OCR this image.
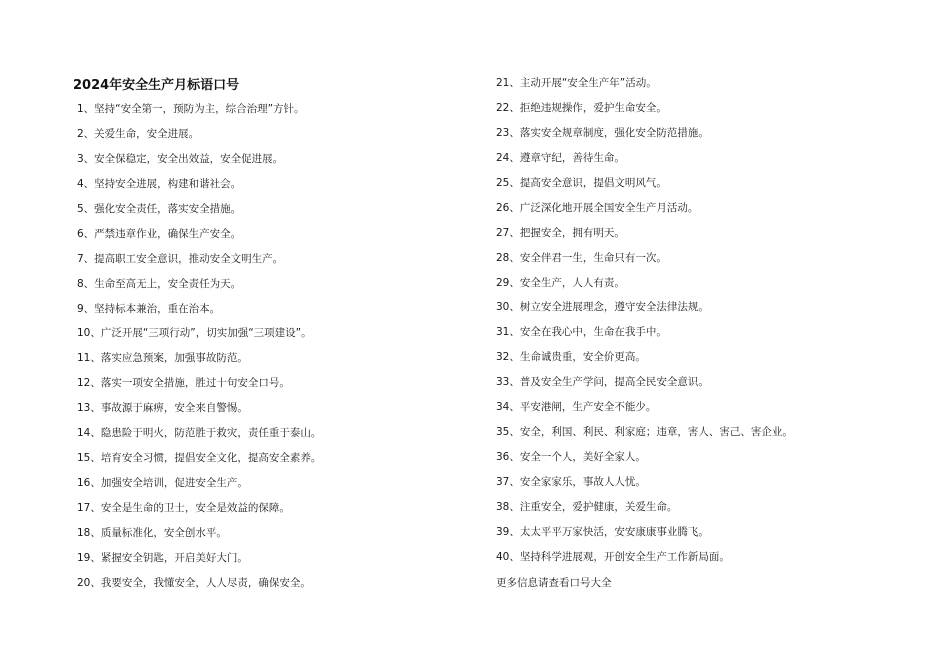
2024年安全生产月标语口号
1、坚持“安全第一，预防为主，综合治理”方针。
2、关爱生命，安全进展。
3、安全保稳定，安全出效益，安全促进展。
4、坚持安全进展，构建和谐社会。
5、强化安全责任，落实安全措施。
6、严禁违章作业，确保生产安全。
7、提高职工安全意识，推动安全文明生产。
8、生命至高无上，安全责任为天。
9、坚持标本兼治，重在治本。
10、广泛开展“三项行动”，切实加强“三项建设”。
11、落实应急预案，加强事故防范。
12、落实一项安全措施，胜过十句安全口号。
13、事故源于麻痹，安全来自警惕。
14、隐患险于明火，防范胜于救灾，责任重于泰山。
15、培育安全习惯，提倡安全文化，提高安全素养。
16、加强安全培训，促进安全生产。
17、安全是生命的卫士，安全是效益的保障。
18、质量标准化，安全创水平。
19、紧握安全钥匙，开启美好大门。
20、我要安全，我懂安全，人人尽责，确保安全。
21、主动开展“安全生产年”活动。
22、拒绝违规操作，爱护生命安全。
23、落实安全规章制度，强化安全防范措施。
24、遵章守纪，善待生命。
25、提高安全意识，提倡文明风气。
26、广泛深化地开展全国安全生产月活动。
27、把握安全，拥有明天。
28、安全伴君一生，生命只有一次。
29、安全生产，人人有责。
30、树立安全进展理念，遵守安全法律法规。
31、安全在我心中，生命在我手中。
32、生命诚贵重，安全价更高。
33、普及安全生产学问，提高全民安全意识。
34、平安港闸，生产安全不能少。
35、安全，利国、利民、利家庭；违章，害人、害己、害企业。
36、安全一个人，美好全家人。
37、安全家家乐，事故人人忧。
38、注重安全，爱护健康，关爱生命。
39、太太平平万家快活，安安康康事业腾飞。
40、坚持科学进展观，开创安全生产工作新局面。
更多信息请查看口号大全
